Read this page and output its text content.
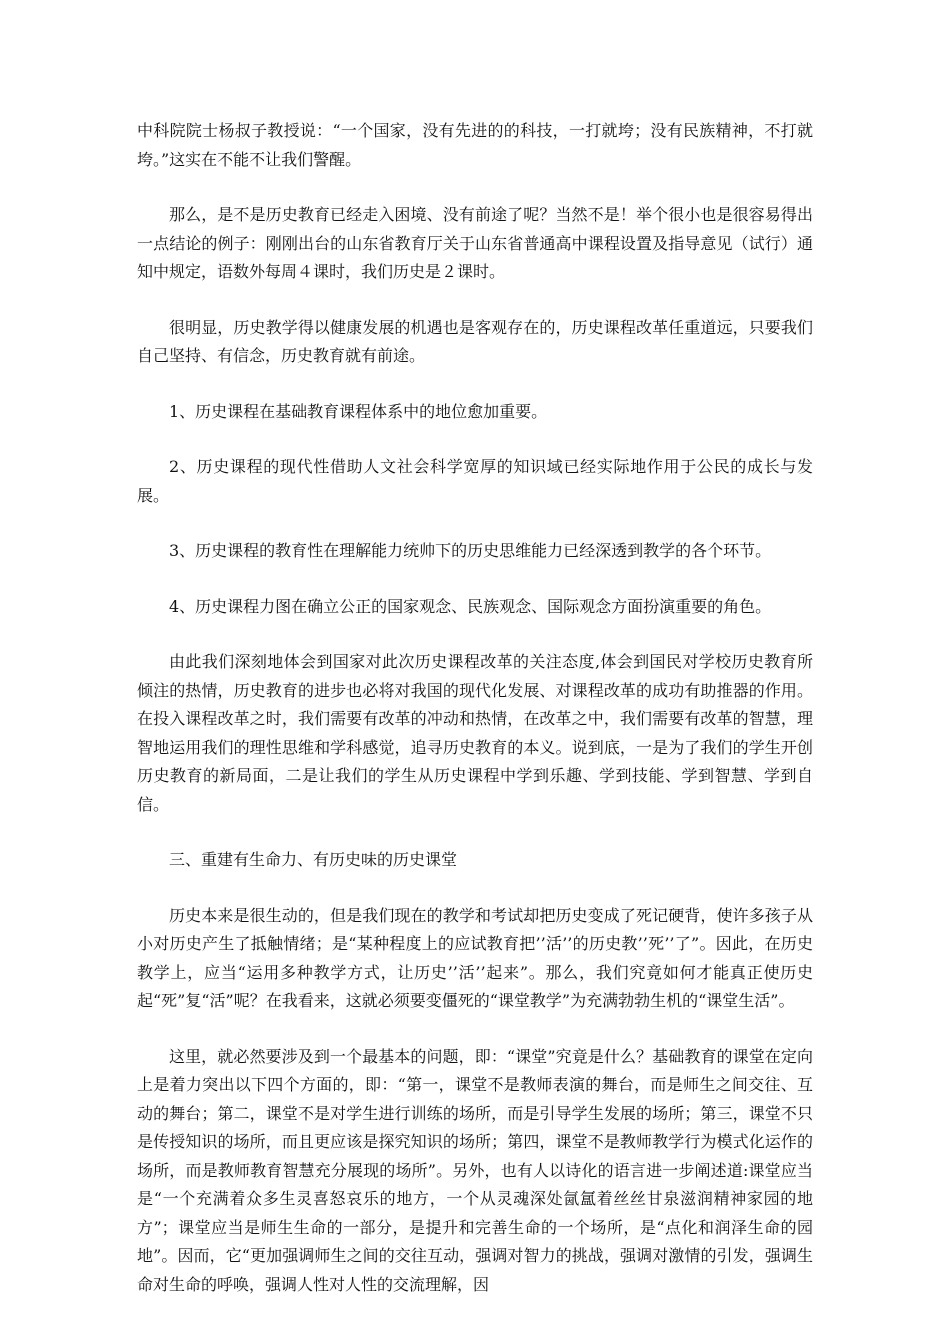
中科院院士杨叔子教授说：“一个国家，没有先进的的科技，一打就垮；没有民族精神，不打就垮。”这实在不能不让我们警醒。

那么，是不是历史教育已经走入困境、没有前途了呢？当然不是！举个很小也是很容易得出一点结论的例子：刚刚出台的山东省教育厅关于山东省普通高中课程设置及指导意见（试行）通知中规定，语数外每周４课时，我们历史是２课时。

很明显，历史教学得以健康发展的机遇也是客观存在的，历史课程改革任重道远，只要我们自己坚持、有信念，历史教育就有前途。

1、历史课程在基础教育课程体系中的地位愈加重要。

2、历史课程的现代性借助人文社会科学宽厚的知识域已经实际地作用于公民的成长与发展。

3、历史课程的教育性在理解能力统帅下的历史思维能力已经深透到教学的各个环节。

4、历史课程力图在确立公正的国家观念、民族观念、国际观念方面扮演重要的角色。

由此我们深刻地体会到国家对此次历史课程改革的关注态度,体会到国民对学校历史教育所倾注的热情，历史教育的进步也必将对我国的现代化发展、对课程改革的成功有助推器的作用。在投入课程改革之时，我们需要有改革的冲动和热情，在改革之中，我们需要有改革的智慧，理智地运用我们的理性思维和学科感觉，追寻历史教育的本义。说到底，一是为了我们的学生开创历史教育的新局面，二是让我们的学生从历史课程中学到乐趣、学到技能、学到智慧、学到自信。

三、重建有生命力、有历史味的历史课堂

历史本来是很生动的，但是我们现在的教学和考试却把历史变成了死记硬背，使许多孩子从小对历史产生了抵触情绪；是“某种程度上的应试教育把’’活’’的历史教’’死’’了”。因此，在历史教学上，应当“运用多种教学方式，让历史’’活’’起来”。那么，我们究竟如何才能真正使历史起“死”复“活”呢？在我看来，这就必须要变僵死的“课堂教学”为充满勃勃生机的“课堂生活”。

这里，就必然要涉及到一个最基本的问题，即：“课堂”究竟是什么？基础教育的课堂在定向上是着力突出以下四个方面的，即：“第一，课堂不是教师表演的舞台，而是师生之间交往、互动的舞台；第二，课堂不是对学生进行训练的场所，而是引导学生发展的场所；第三，课堂不只是传授知识的场所，而且更应该是探究知识的场所；第四，课堂不是教师教学行为模式化运作的场所，而是教师教育智慧充分展现的场所”。另外，也有人以诗化的语言进一步阐述道:课堂应当是“一个充满着众多生灵喜怒哀乐的地方，一个从灵魂深处氤氲着丝丝甘泉滋润精神家园的地方”；课堂应当是师生生命的一部分，是提升和完善生命的一个场所，是“点化和润泽生命的园地”。因而，它“更加强调师生之间的交往互动，强调对智力的挑战，强调对激情的引发，强调生命对生命的呼唤，强调人性对人性的交流理解，因
